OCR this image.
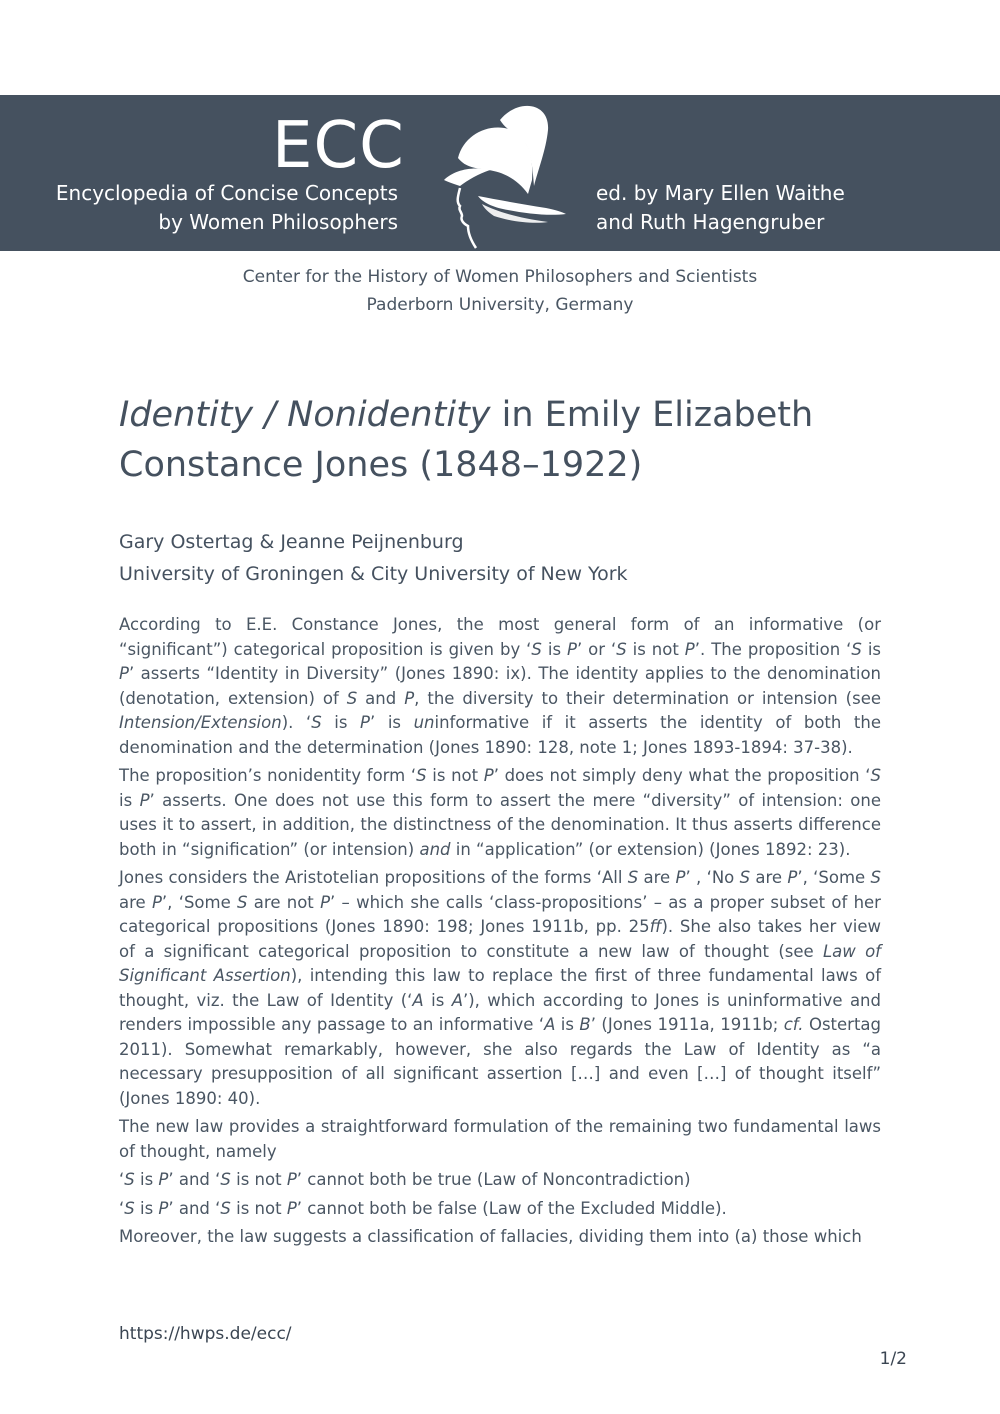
ECC
Encyclopedia of Concise Concepts
by Women Philosophers
ed. by Mary Ellen Waithe
and Ruth Hagengruber
Center for the History of Women Philosophers and Scientists
Paderborn University, Germany
Identity / Nonidentity in Emily Elizabeth Constance Jones (1848–1922)
Gary Ostertag & Jeanne Peijnenburg
University of Groningen & City University of New York

According to E.E. Constance Jones, the most general form of an informative (or “significant”) categorical proposition is given by ‘S is P’ or ‘S is not P’. The proposition ‘S is P’ asserts “Identity in Diversity” (Jones 1890: ix). The identity applies to the denomination (denotation, extension) of S and P, the diversity to their determination or intension (see Intension/Extension). ‘S is P’ is uninformative if it asserts the identity of both the denomination and the determination (Jones 1890: 128, note 1; Jones 1893-1894: 37-38).

The proposition’s nonidentity form ‘S is not P’ does not simply deny what the proposition ‘S is P’ asserts. One does not use this form to assert the mere “diversity” of intension: one uses it to assert, in addition, the distinctness of the denomination. It thus asserts difference both in “signification” (or intension) and in “application” (or extension) (Jones 1892: 23).

Jones considers the Aristotelian propositions of the forms ‘All S are P’ , ‘No S are P’, ‘Some S are P’, ‘Some S are not P’ – which she calls ‘class-propositions’ – as a proper subset of her categorical propositions (Jones 1890: 198; Jones 1911b, pp. 25ff). She also takes her view of a significant categorical proposition to constitute a new law of thought (see Law of Significant Assertion), intending this law to replace the first of three fundamental laws of thought, viz. the Law of Identity (‘A is A’), which according to Jones is uninformative and renders impossible any passage to an informative ‘A is B’ (Jones 1911a, 1911b; cf. Ostertag 2011). Somewhat remarkably, however, she also regards the Law of Identity as “a necessary presupposition of all significant assertion […] and even […] of thought itself” (Jones 1890: 40).

The new law provides a straightforward formulation of the remaining two fundamental laws of thought, namely

‘S is P’ and ‘S is not P’ cannot both be true (Law of Noncontradiction)

‘S is P’ and ‘S is not P’ cannot both be false (Law of the Excluded Middle).

Moreover, the law suggests a classification of fallacies, dividing them into (a) those which

https://hwps.de/ecc/
1/2
